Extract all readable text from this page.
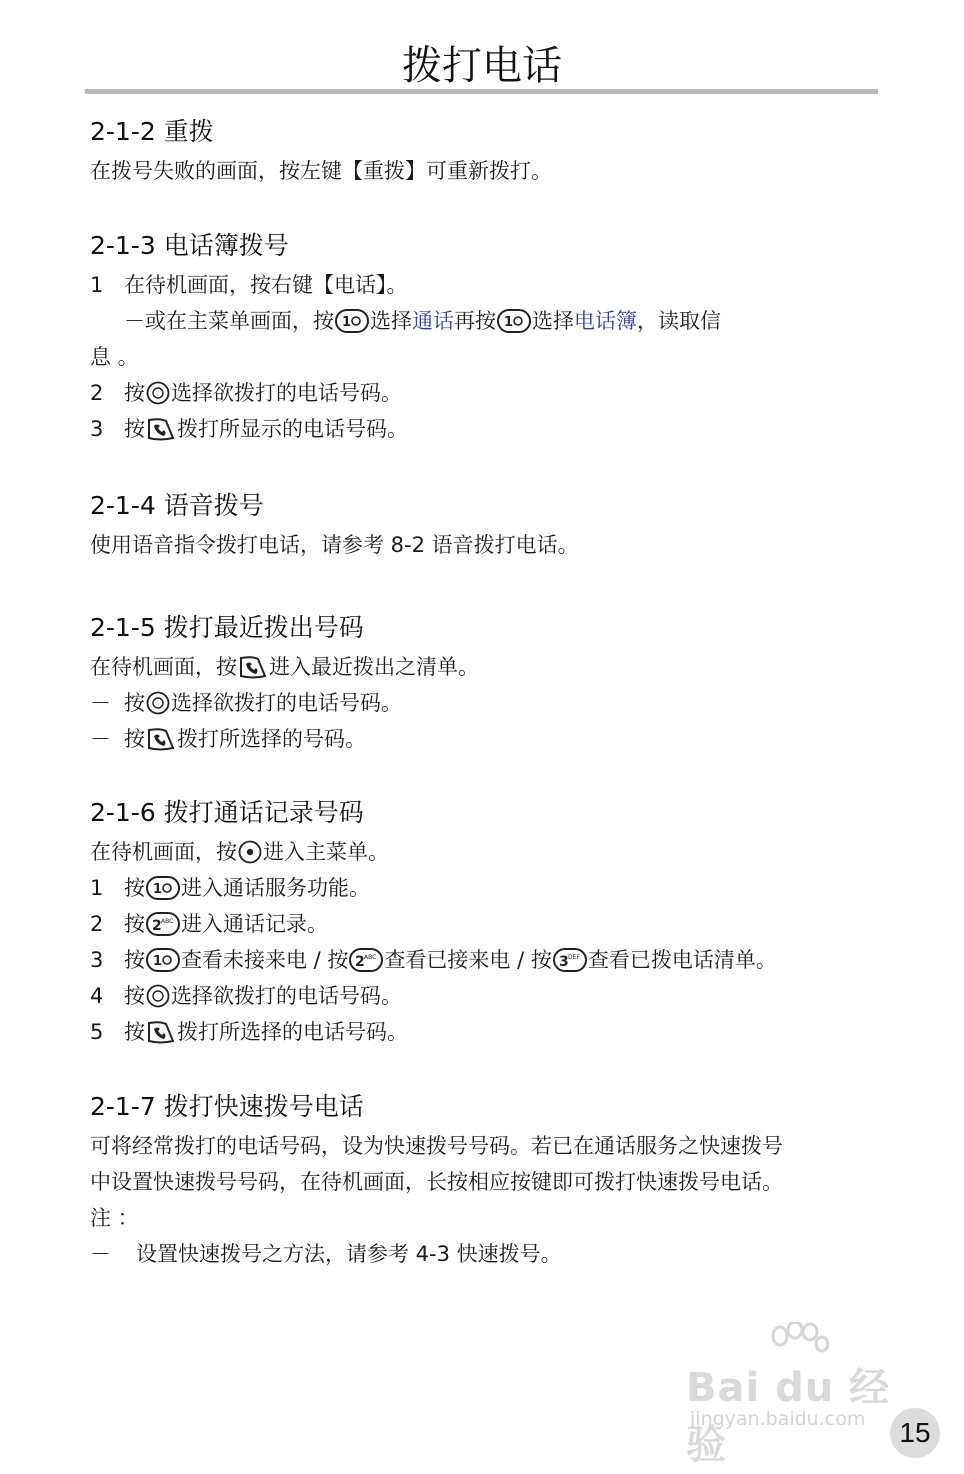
拨打电话
2-1-2 重拨
在拨号失败的画面，按左键【重拨】可重新拨打。
2-1-3 电话簿拨号
1 在待机画面，按右键【电话】。
－或在主菜单画面，按 1 选择通话再按 1 选择电话簿，读取信
息 。
2 按 选择欲拨打的电话号码。
3 按 拨打所显示的电话号码。
2-1-4 语音拨号
使用语音指令拨打电话，请参考 8-2 语音拨打电话。
2-1-5 拨打最近拨出号码
在待机画面，按 进入最近拨出之清单。
－ 按 选择欲拨打的电话号码。
－ 按 拨打所选择的号码。
2-1-6 拨打通话记录号码
在待机画面，按 进入主菜单。
1 按 1 进入通话服务功能。
2 按 2 ABC 进入通话记录。
3 按 1 查看未接来电 / 按 2 ABC 查看已接来电 / 按 3 DEF 查看已拨电话清单。
4 按 选择欲拨打的电话号码。
5 按 拨打所选择的电话号码。
2-1-7 拨打快速拨号电话
可将经常拨打的电话号码，设为快速拨号号码。若已在通话服务之快速拨号
中设置快速拨号号码，在待机画面，长按相应按键即可拨打快速拨号电话。
注 ：
－ 设置快速拨号之方法，请参考 4-3 快速拨号。
Bai du 经验
jingyan.baidu.com	15
